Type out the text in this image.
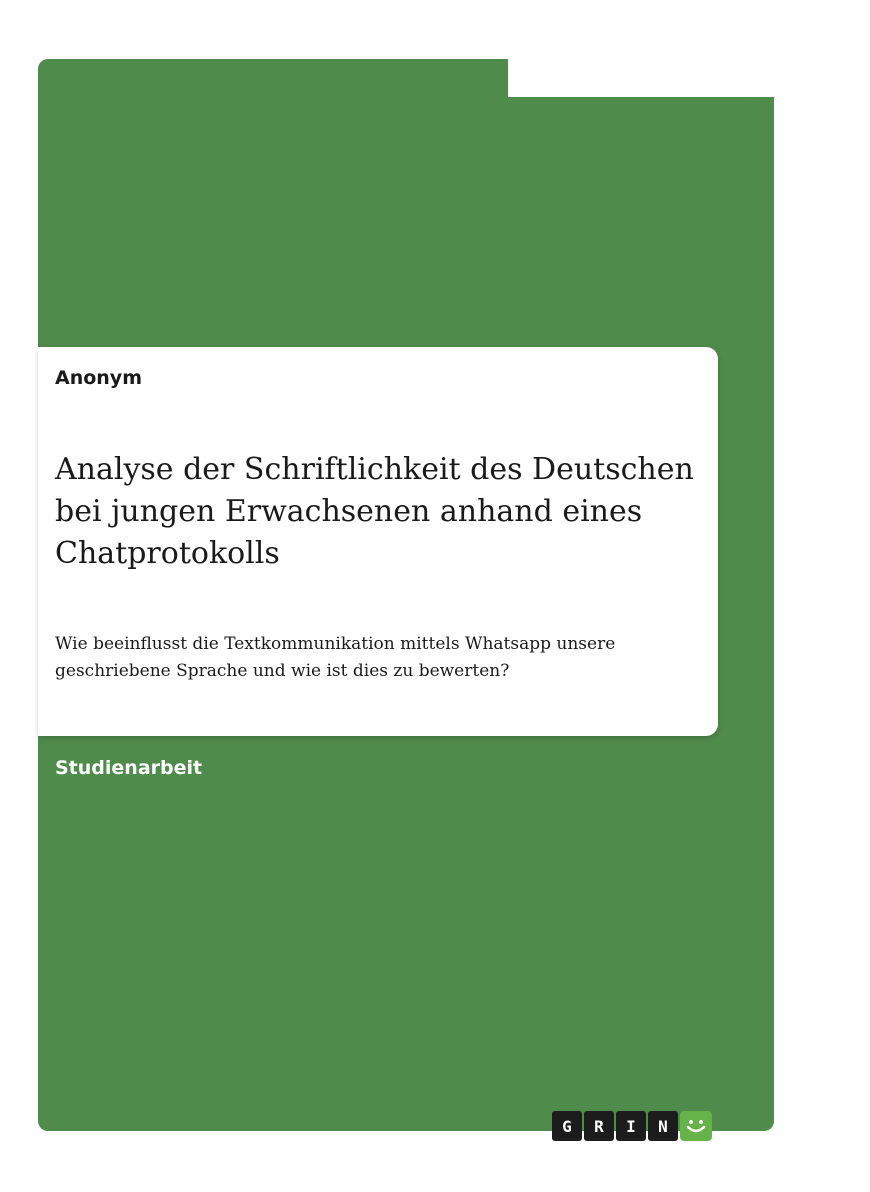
Anonym
Analyse der Schriftlichkeit des Deutschen bei jungen Erwachsenen anhand eines Chatprotokolls
Wie beeinflusst die Textkommunikation mittels Whatsapp unsere geschriebene Sprache und wie ist dies zu bewerten?
Studienarbeit
G	R	I	N
